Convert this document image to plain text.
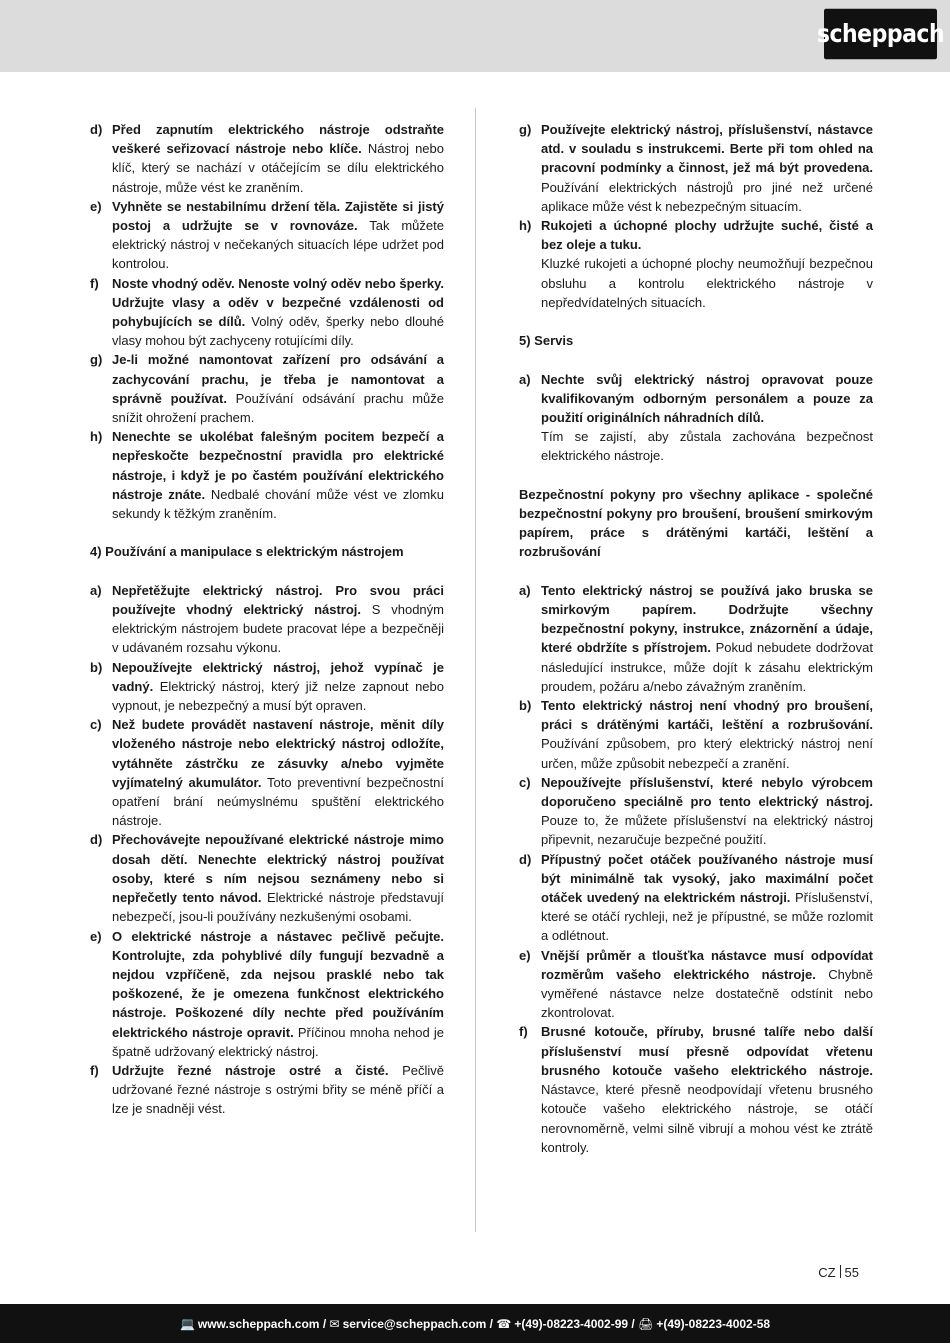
scheppach
d) Před zapnutím elektrického nástroje odstraňte veškeré seřizovací nástroje nebo klíče. Nástroj nebo klíč, který se nachází v otáčejícím se dílu elektrického nástroje, může vést ke zraněním.
e) Vyhněte se nestabilnímu držení těla. Zajistěte si jistý postoj a udržujte se v rovnováze. Tak můžete elektrický nástroj v nečekaných situacích lépe udržet pod kontrolou.
f)	Noste vhodný oděv. Nenoste volný oděv nebo šperky. Udržujte vlasy a oděv v bezpečné vzdálenosti od pohybujících se dílů. Volný oděv, šperky nebo dlouhé vlasy mohou být zachyceny rotujícími díly.
g) Je-li možné namontovat zařízení pro odsávání a zachycování prachu, je třeba je namontovat a správně používat. Používání odsávání prachu může snížit ohrožení prachem.
h) Nenechte se ukolébat falešným pocitem bezpečí a nepřeskočte bezpečnostní pravidla pro elektrické nástroje, i když je po častém používání elektrického nástroje znáte. Nedbalé chování může vést ve zlomku sekundy k těžkým zraněním.
4) Používání a manipulace s elektrickým nástrojem
a) Nepřetěžujte elektrický nástroj. Pro svou práci používejte vhodný elektrický nástroj. S vhodným elektrickým nástrojem budete pracovat lépe a bezpečněji v udávaném rozsahu výkonu.
b) Nepoužívejte elektrický nástroj, jehož vypínač je vadný. Elektrický nástroj, který již nelze zapnout nebo vypnout, je nebezpečný a musí být opraven.
c) Než budete provádět nastavení nástroje, měnit díly vloženého nástroje nebo elektrický nástroj odložíte, vytáhněte zástrčku ze zásuvky a/nebo vyjměte vyjímatelný akumulátor. Toto preventivní bezpečnostní opatření brání neúmyslnému spuštění elektrického nástroje.
d) Přechovávejte nepoužívané elektrické nástroje mimo dosah dětí. Nenechte elektrický nástroj používat osoby, které s ním nejsou seznámeny nebo si nepřečetly tento návod. Elektrické nástroje představují nebezpečí, jsou-li používány nezkušenými osobami.
e) O elektrické nástroje a nástavec pečlivě pečujte. Kontrolujte, zda pohyblivé díly fungují bezvadně a nejdou vzpříčeně, zda nejsou prasklé nebo tak poškozené, že je omezena funkčnost elektrického nástroje. Poškozené díly nechte před používáním elektrického nástroje opravit. Příčinou mnoha nehod je špatně udržovaný elektrický nástroj.
f)	Udržujte řezné nástroje ostré a čisté. Pečlivě udržované řezné nástroje s ostrými břity se méně příčí a lze je snadněji vést.
g) Používejte elektrický nástroj, příslušenství, nástavce atd. v souladu s instrukcemi. Berte při tom ohled na pracovní podmínky a činnost, jež má být provedena. Používání elektrických nástrojů pro jiné než určené aplikace může vést k nebezpečným situacím.
h) Rukojeti a úchopné plochy udržujte suché, čisté a bez oleje a tuku.
Kluzké rukojeti a úchopné plochy neumožňují bezpečnou obsluhu a kontrolu elektrického nástroje v nepředvídatelných situacích.
5) Servis
a) Nechte svůj elektrický nástroj opravovat pouze kvalifikovaným odborným personálem a pouze za použití originálních náhradních dílů.
Tím se zajistí, aby zůstala zachována bezpečnost elektrického nástroje.
Bezpečnostní pokyny pro všechny aplikace - společné bezpečnostní pokyny pro broušení, broušení smirkovým papírem, práce s drátěnými kartáči, leštění a rozbrušování
a) Tento elektrický nástroj se používá jako bruska se smirkovým papírem. Dodržujte všechny bezpečnostní pokyny, instrukce, znázornění a údaje, které obdržíte s přístrojem. Pokud nebudete dodržovat následující instrukce, může dojít k zásahu elektrickým proudem, požáru a/nebo závažným zraněním.
b) Tento elektrický nástroj není vhodný pro broušení, práci s drátěnými kartáči, leštění a rozbrušování. Používání způsobem, pro který elektrický nástroj není určen, může způsobit nebezpečí a zranění.
c) Nepoužívejte příslušenství, které nebylo výrobcem doporučeno speciálně pro tento elektrický nástroj. Pouze to, že můžete příslušenství na elektrický nástroj připevnit, nezaručuje bezpečné použití.
d) Přípustný počet otáček používaného nástroje musí být minimálně tak vysoký, jako maximální počet otáček uvedený na elektrickém nástroji. Příslušenství, které se otáčí rychleji, než je přípustné, se může rozlomit a odlétnout.
e) Vnější průměr a tloušťka nástavce musí odpovídat rozměrům vašeho elektrického nástroje. Chybně vyměřené nástavce nelze dostatečně odstínit nebo zkontrolovat.
f)	Brusné kotouče, příruby, brusné talíře nebo další příslušenství musí přesně odpovídat vřetenu brusného kotouče vašeho elektrického nástroje. Nástavce, které přesně neodpovídají vřetenu brusného kotouče vašeho elektrického nástroje, se otáčí nerovnoměrně, velmi silně vibrují a mohou vést ke ztrátě kontroly.
CZ 55
💻 www.scheppach.com /
✉ service@scheppach.com /
☎ +(49)-08223-4002-99 /
🖨 +(49)-08223-4002-58
